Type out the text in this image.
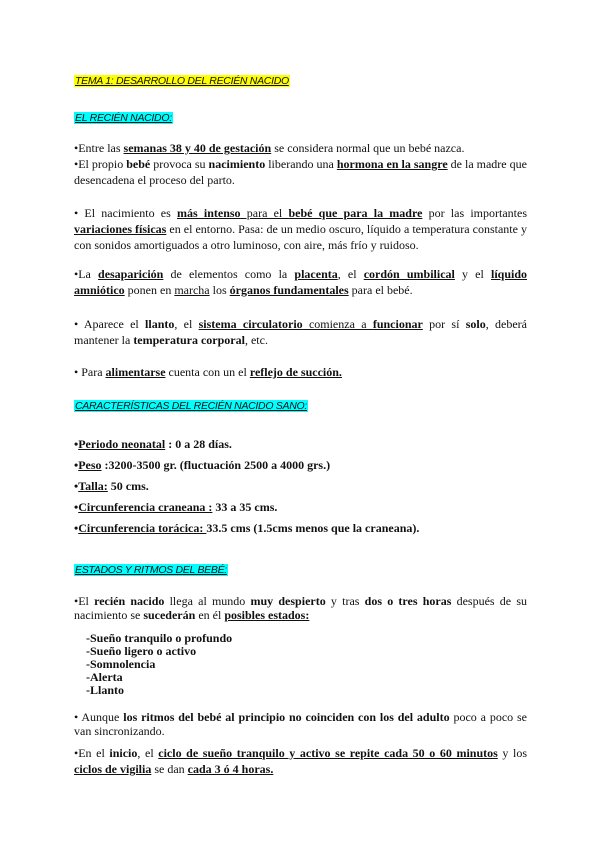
TEMA 1: DESARROLLO DEL RECIÉN NACIDO
EL RECIÉN NACIDO:
•Entre las semanas 38 y 40 de gestación se considera normal que un bebé nazca.
•El propio bebé provoca su nacimiento liberando una hormona en la sangre de la madre que desencadena el proceso del parto.
• El nacimiento es más intenso para el bebé que para la madre por las importantes variaciones físicas en el entorno. Pasa: de un medio oscuro, líquido a temperatura constante y con sonidos amortiguados a otro luminoso, con aire, más frío y ruidoso.
•La desaparición de elementos como la placenta, el cordón umbilical y el líquido amniótico ponen en marcha los órganos fundamentales para el bebé.
• Aparece el llanto, el sistema circulatorio comienza a funcionar por sí solo, deberá mantener la temperatura corporal, etc.
• Para alimentarse cuenta con un el reflejo de succión.
CARACTERÍSTICAS DEL RECIÉN NACIDO SANO:
•Periodo neonatal : 0 a 28 días.
•Peso :3200-3500 gr. (fluctuación 2500 a 4000 grs.)
•Talla: 50 cms.
•Circunferencia craneana : 33 a 35 cms.
•Circunferencia torácica: 33.5 cms (1.5cms menos que la craneana).
ESTADOS Y RITMOS DEL BEBÉ:
•El recién nacido llega al mundo muy despierto y tras dos o tres horas después de su nacimiento se sucederán en él posibles estados:
-Sueño tranquilo o profundo
-Sueño ligero o activo
-Somnolencia
-Alerta
-Llanto
• Aunque los ritmos del bebé al principio no coinciden con los del adulto poco a poco se van sincronizando.
•En el inicio, el ciclo de sueño tranquilo y activo se repite cada 50 o 60 minutos y los ciclos de vigilia se dan cada 3 ó 4 horas.
